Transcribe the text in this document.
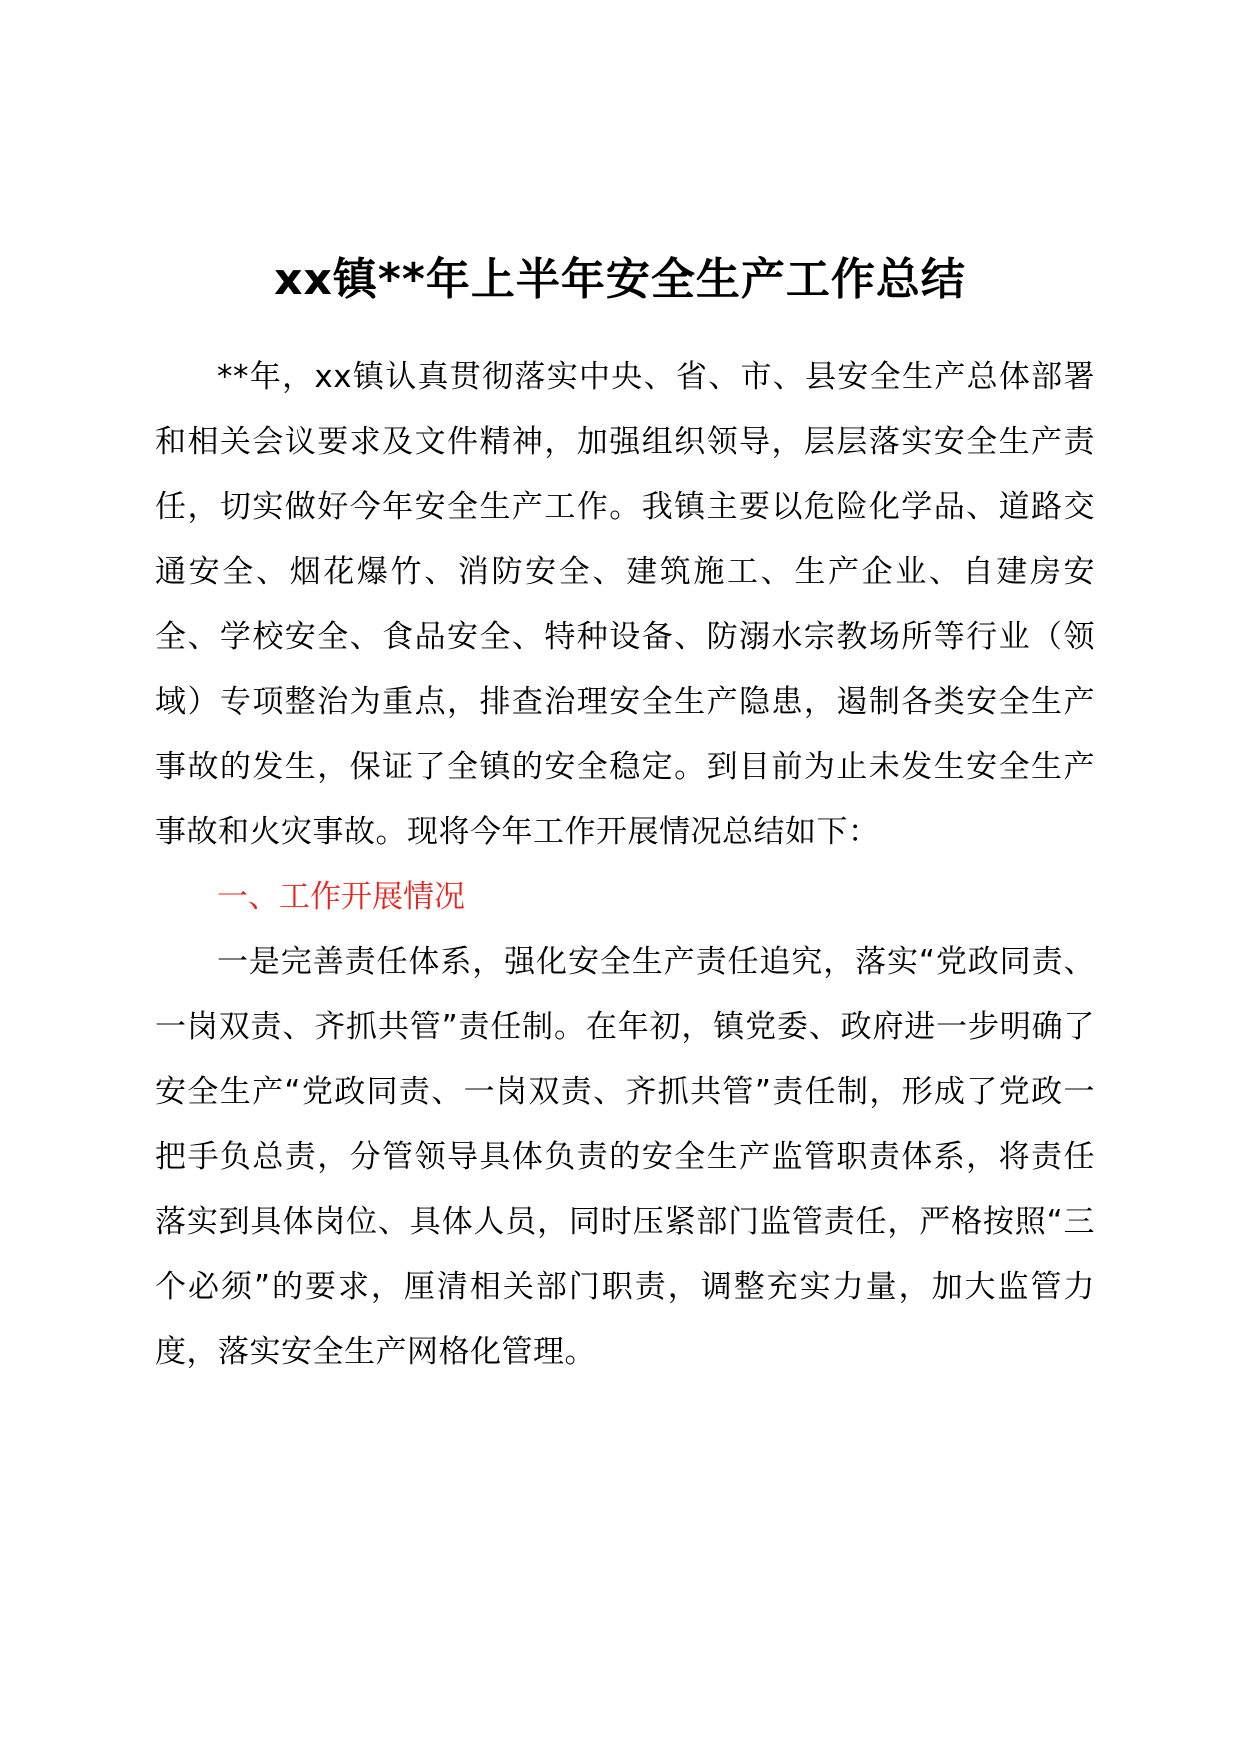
xx镇**年上半年安全生产工作总结

**年，xx镇认真贯彻落实中央、省、市、县安全生产总体部署和相关会议要求及文件精神，加强组织领导，层层落实安全生产责任，切实做好今年安全生产工作。我镇主要以危险化学品、道路交通安全、烟花爆竹、消防安全、建筑施工、生产企业、自建房安全、学校安全、食品安全、特种设备、防溺水宗教场所等行业（领域）专项整治为重点，排查治理安全生产隐患，遏制各类安全生产事故的发生，保证了全镇的安全稳定。到目前为止未发生安全生产事故和火灾事故。现将今年工作开展情况总结如下：

一、工作开展情况

一是完善责任体系，强化安全生产责任追究，落实“党政同责、一岗双责、齐抓共管”责任制。在年初，镇党委、政府进一步明确了安全生产“党政同责、一岗双责、齐抓共管”责任制，形成了党政一把手负总责，分管领导具体负责的安全生产监管职责体系，将责任落实到具体岗位、具体人员，同时压紧部门监管责任，严格按照“三个必须”的要求，厘清相关部门职责，调整充实力量，加大监管力度，落实安全生产网格化管理。
